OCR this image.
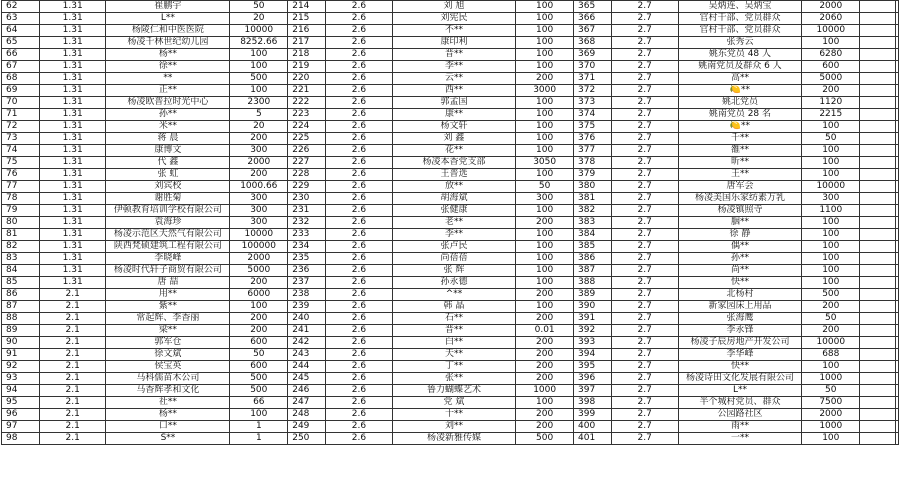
62	1.31	崔鹏宇	50	214	2.6	刘 旭	100	365	2.7	吴炳连、吴炳宝	2000		
63	1.31	L**	20	215	2.6	刘宪民	100	366	2.7	官村干部、党员群众	2060		
64	1.31	杨陵仁和中医医院	10000	216	2.6	不**	100	367	2.7	官村干部、党员群众	10000		
65	1.31	杨凌千林世纪幼儿园	8252.66	217	2.6	康印利	100	368	2.7	张秀云	100		
66	1.31	杨**	100	218	2.6	晋**	100	369	2.7	姚东党员 48 人	6280		
67	1.31	徐**	100	219	2.6	李**	100	370	2.7	姚南党员及群众 6 人	600		
68	1.31	**	500	220	2.6	云**	200	371	2.7	高**	5000		
69	1.31	正**	100	221	2.6	西**	3000	372	2.7	🍋**	200		
70	1.31	杨凌欧普拉时光中心	2300	222	2.6	郭孟国	100	373	2.7	姚北党员	1120		
71	1.31	孙**	5	223	2.6	康**	100	374	2.7	姚南党员 28 名	2215		
72	1.31	米**	20	224	2.6	杨文轩	100	375	2.7	🍋**	100		
73	1.31	蒋 晨	200	225	2.6	刘 鑫	100	376	2.7	千**	50		
74	1.31	康博文	300	226	2.6	花**	100	377	2.7	雒**	100		
75	1.31	代 鑫	2000	227	2.6	杨凌本香党支部	3050	378	2.7	昕**	100		
76	1.31	张 虹	200	228	2.6	王普选	100	379	2.7	王**	100		
77	1.31	刘宾校	1000.66	229	2.6	放**	50	380	2.7	唐军会	10000		
78	1.31	谢胜菊	300	230	2.6	胡海斌	300	381	2.7	杨凌美国乐家纺素万乳	300		
79	1.31	伊顿教育培训学校有限公司	300	231	2.6	张健康	100	382	2.7	杨凌镇照寺	1100		
80	1.31	袁海珍	300	232	2.6	老**	200	383	2.7	胭**	100		
81	1.31	杨凌示范区天然气有限公司	10000	233	2.6	李**	100	384	2.7	徐 静	100		
82	1.31	陕西梵硕建筑工程有限公司	100000	234	2.6	张卢民	100	385	2.7	偶**	100		
83	1.31	李晓峰	2000	235	2.6	尚蓓蓓	100	386	2.7	孙**	100		
84	1.31	杨凌时代轩子商贸有限公司	5000	236	2.6	张 辉	100	387	2.7	尚**	100		
85	1.31	唐 喆	200	237	2.6	孙永德	100	388	2.7	快**	100		
86	2.1	用**	6000	238	2.6	^**	200	389	2.7	北杨村	500		
87	2.1	紫**	100	239	2.6	韩 晶	100	390	2.7	新家园床上用品	200		
88	2.1	常起辉、李香丽	200	240	2.6	石**	200	391	2.7	张海鹰	50		
89	2.1	梁**	200	241	2.6	晋**	0.01	392	2.7	李永锋	200		
90	2.1	郭军仓	600	242	2.6	白**	200	393	2.7	杨凌子辰房地产开发公司	10000		
91	2.1	徐文斌	50	243	2.6	天**	200	394	2.7	李华峰	688		
92	2.1	侯宝英	600	244	2.6	丁**	200	395	2.7	快**	100		
93	2.1	马科儒苗木公司	500	245	2.6	张**	200	396	2.7	杨凌诗田文化发展有限公司	1000		
94	2.1	马香辉孝和文化	500	246	2.6	鲁力蝴蝶艺术	1000	397	2.7	L**	50		
95	2.1	社**	66	247	2.6	党 斌	100	398	2.7	半个城村党员、群众	7500		
96	2.1	杨**	100	248	2.6	十**	200	399	2.7	公园路社区	2000		
97	2.1	口**	1	249	2.6	刘**	200	400	2.7	雨**	1000		
98	2.1	S**	1	250	2.6	杨凌新雅传媒	500	401	2.7	一**	100		
